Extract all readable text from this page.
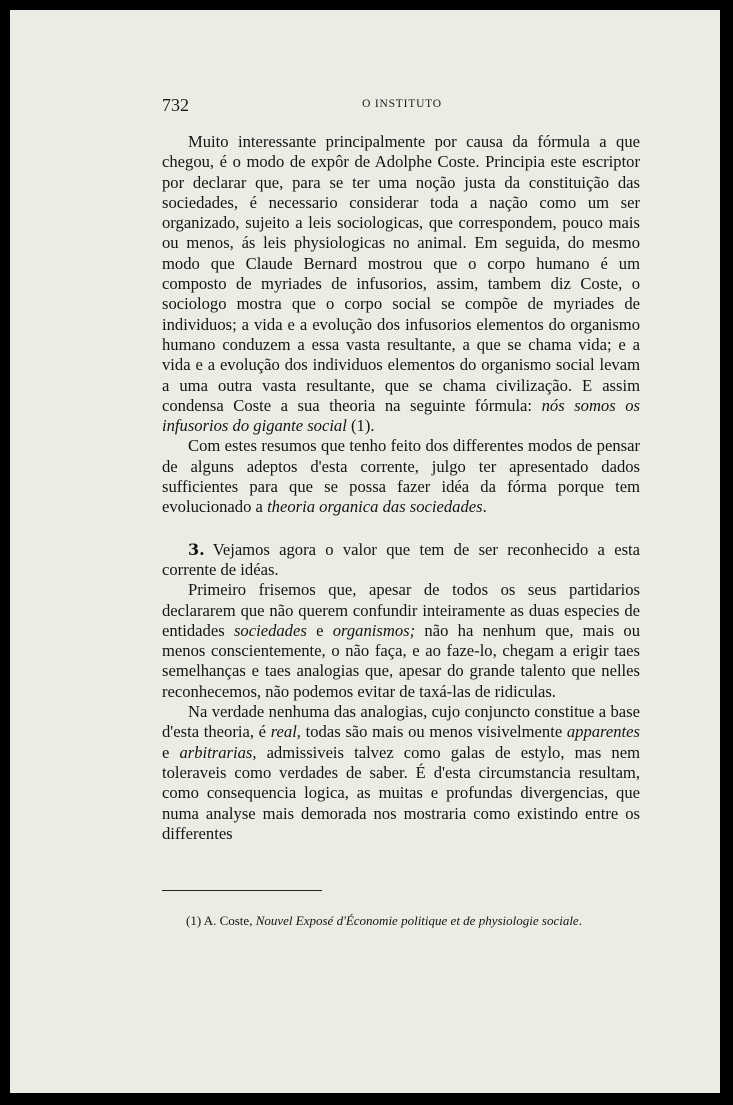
732	O INSTITUTO

Muito interessante principalmente por causa da fórmula a que chegou, é o modo de expôr de Adolphe Coste. Principia este escriptor por declarar que, para se ter uma noção justa da constituição das sociedades, é necessario considerar toda a nação como um ser organizado, sujeito a leis sociologicas, que correspondem, pouco mais ou menos, ás leis physiologicas no animal. Em seguida, do mesmo modo que Claude Bernard mostrou que o corpo humano é um composto de myriades de infusorios, assim, tambem diz Coste, o sociologo mostra que o corpo social se compõe de myriades de individuos; a vida e a evolução dos infusorios elementos do organismo humano conduzem a essa vasta resultante, a que se chama vida; e a vida e a evolução dos individuos elementos do organismo social levam a uma outra vasta resultante, que se chama civilização. E assim condensa Coste a sua theoria na seguinte fórmula: nós somos os infusorios do gigante social (1).

Com estes resumos que tenho feito dos differentes modos de pensar de alguns adeptos d'esta corrente, julgo ter apresentado dados sufficientes para que se possa fazer idéa da fórma porque tem evolucionado a theoria organica das sociedades.

3. Vejamos agora o valor que tem de ser reconhecido a esta corrente de idéas.

Primeiro frisemos que, apesar de todos os seus partidarios declararem que não querem confundir inteiramente as duas especies de entidades sociedades e organismos; não ha nenhum que, mais ou menos conscientemente, o não faça, e ao faze-lo, chegam a erigir taes semelhanças e taes analogias que, apesar do grande talento que nelles reconhecemos, não podemos evitar de taxá-las de ridiculas.

Na verdade nenhuma das analogias, cujo conjuncto constitue a base d'esta theoria, é real, todas são mais ou menos visivelmente apparentes e arbitrarias, admissiveis talvez como galas de estylo, mas nem toleraveis como verdades de saber. É d'esta circumstancia resultam, como consequencia logica, as muitas e profundas divergencias, que numa analyse mais demorada nos mostraria como existindo entre os differentes

(1) A. Coste, Nouvel Exposé d'Économie politique et de physiologie sociale.
